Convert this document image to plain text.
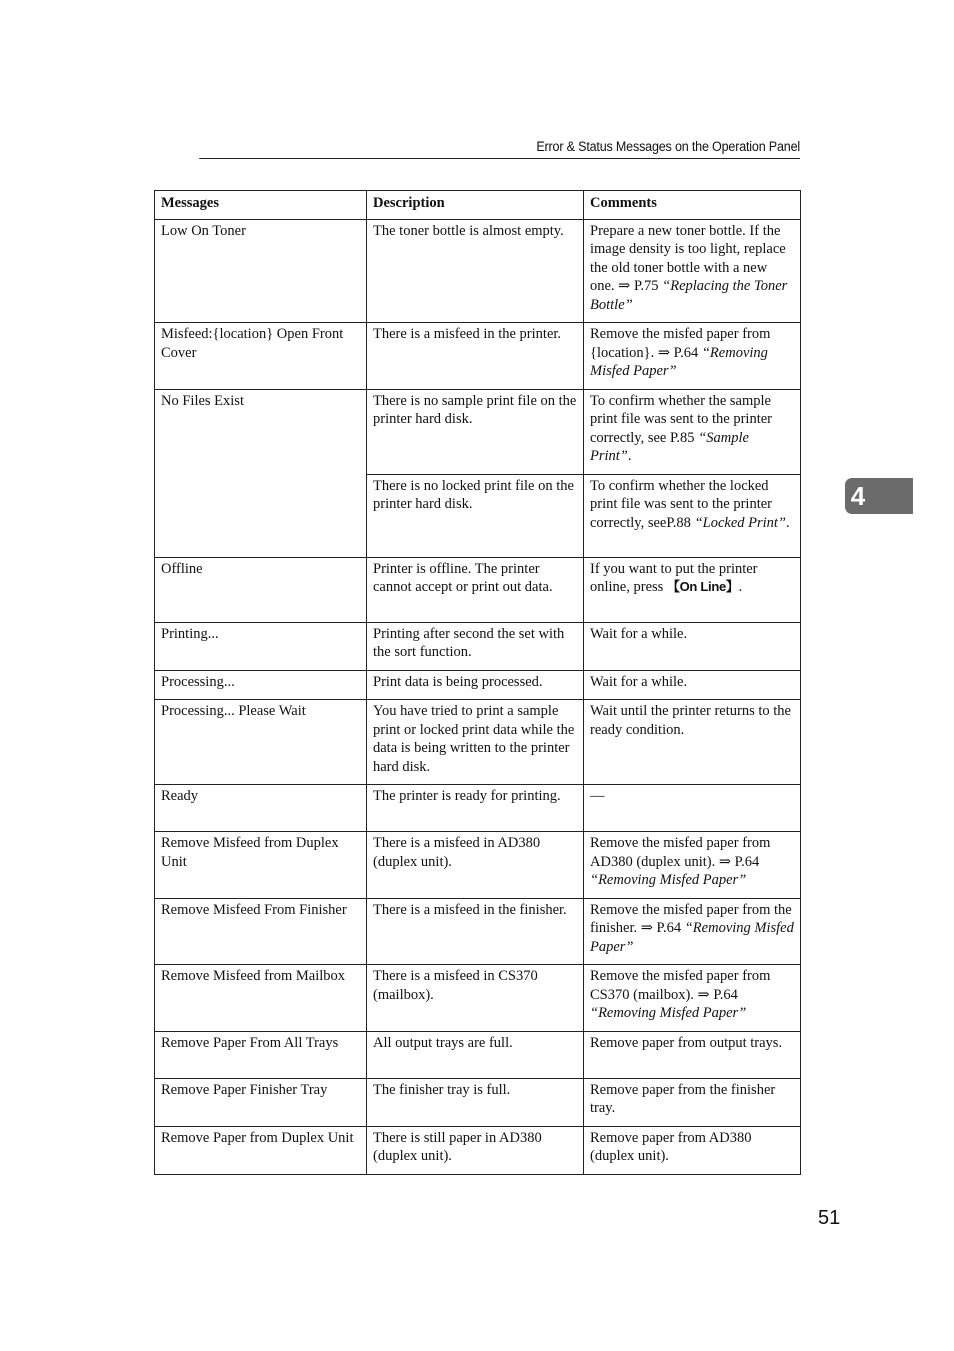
Error & Status Messages on the Operation Panel
4
Messages	Description	Comments
Low On Toner	The toner bottle is almost empty.	Prepare a new toner bottle. If the image density is too light, replace the old toner bottle with a new one. ⇒ P.75 “Replacing the Toner Bottle”
Misfeed:{location} Open Front Cover	There is a misfeed in the printer.	Remove the misfed paper from {location}. ⇒ P.64 “Removing Misfed Paper”
No Files Exist	There is no sample print file on the printer hard disk.	To confirm whether the sample print file was sent to the printer correctly, see P.85 “Sample Print”.
	There is no locked print file on the printer hard disk.	To confirm whether the locked print file was sent to the printer correctly, seeP.88 “Locked Print”.
Offline	Printer is offline. The printer cannot accept or print out data.	If you want to put the printer online, press 【On Line】.
Printing...	Printing after second the set with the sort function.	Wait for a while.
Processing...	Print data is being processed.	Wait for a while.
Processing... Please Wait	You have tried to print a sample print or locked print data while the data is being written to the printer hard disk.	Wait until the printer returns to the ready condition.
Ready	The printer is ready for printing.	—
Remove Misfeed from Duplex Unit	There is a misfeed in AD380 (duplex unit).	Remove the misfed paper from AD380 (duplex unit). ⇒ P.64 “Removing Misfed Paper”
Remove Misfeed From Finisher	There is a misfeed in the finisher.	Remove the misfed paper from the finisher. ⇒ P.64 “Removing Misfed Paper”
Remove Misfeed from Mailbox	There is a misfeed in CS370 (mailbox).	Remove the misfed paper from CS370 (mailbox). ⇒ P.64 “Removing Misfed Paper”
Remove Paper From All Trays	All output trays are full.	Remove paper from output trays.
Remove Paper Finisher Tray	The finisher tray is full.	Remove paper from the finisher tray.
Remove Paper from Duplex Unit	There is still paper in AD380 (duplex unit).	Remove paper from AD380 (duplex unit).
51
